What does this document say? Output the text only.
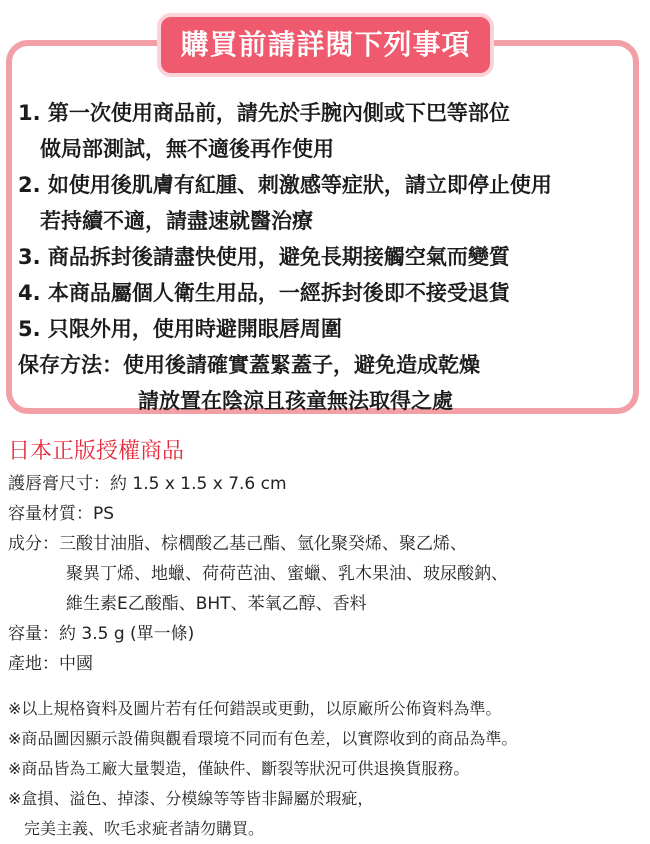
購買前請詳閱下列事項
1. 第一次使用商品前，請先於手腕內側或下巴等部位
做局部測試，無不適後再作使用
2. 如使用後肌膚有紅腫、刺激感等症狀，請立即停止使用
若持續不適，請盡速就醫治療
3. 商品拆封後請盡快使用，避免長期接觸空氣而變質
4. 本商品屬個人衛生用品，一經拆封後即不接受退貨
5. 只限外用，使用時避開眼唇周圍
保存方法：使用後請確實蓋緊蓋子，避免造成乾燥
請放置在陰涼且孩童無法取得之處
日本正版授權商品
護唇膏尺寸：約 1.5 x 1.5 x 7.6 cm
容量材質：PS
成分：三酸甘油脂、棕櫚酸乙基己酯、氫化聚癸烯、聚乙烯、
聚異丁烯、地蠟、荷荷芭油、蜜蠟、乳木果油、玻尿酸鈉、
維生素E乙酸酯、BHT、苯氧乙醇、香料
容量：約 3.5 g (單一條)
產地：中國
※以上規格資料及圖片若有任何錯誤或更動，以原廠所公佈資料為準。
※商品圖因顯示設備與觀看環境不同而有色差，以實際收到的商品為準。
※商品皆為工廠大量製造，僅缺件、斷裂等狀況可供退換貨服務。
※盒損、溢色、掉漆、分模線等等皆非歸屬於瑕疵，
完美主義、吹毛求疵者請勿購買。
